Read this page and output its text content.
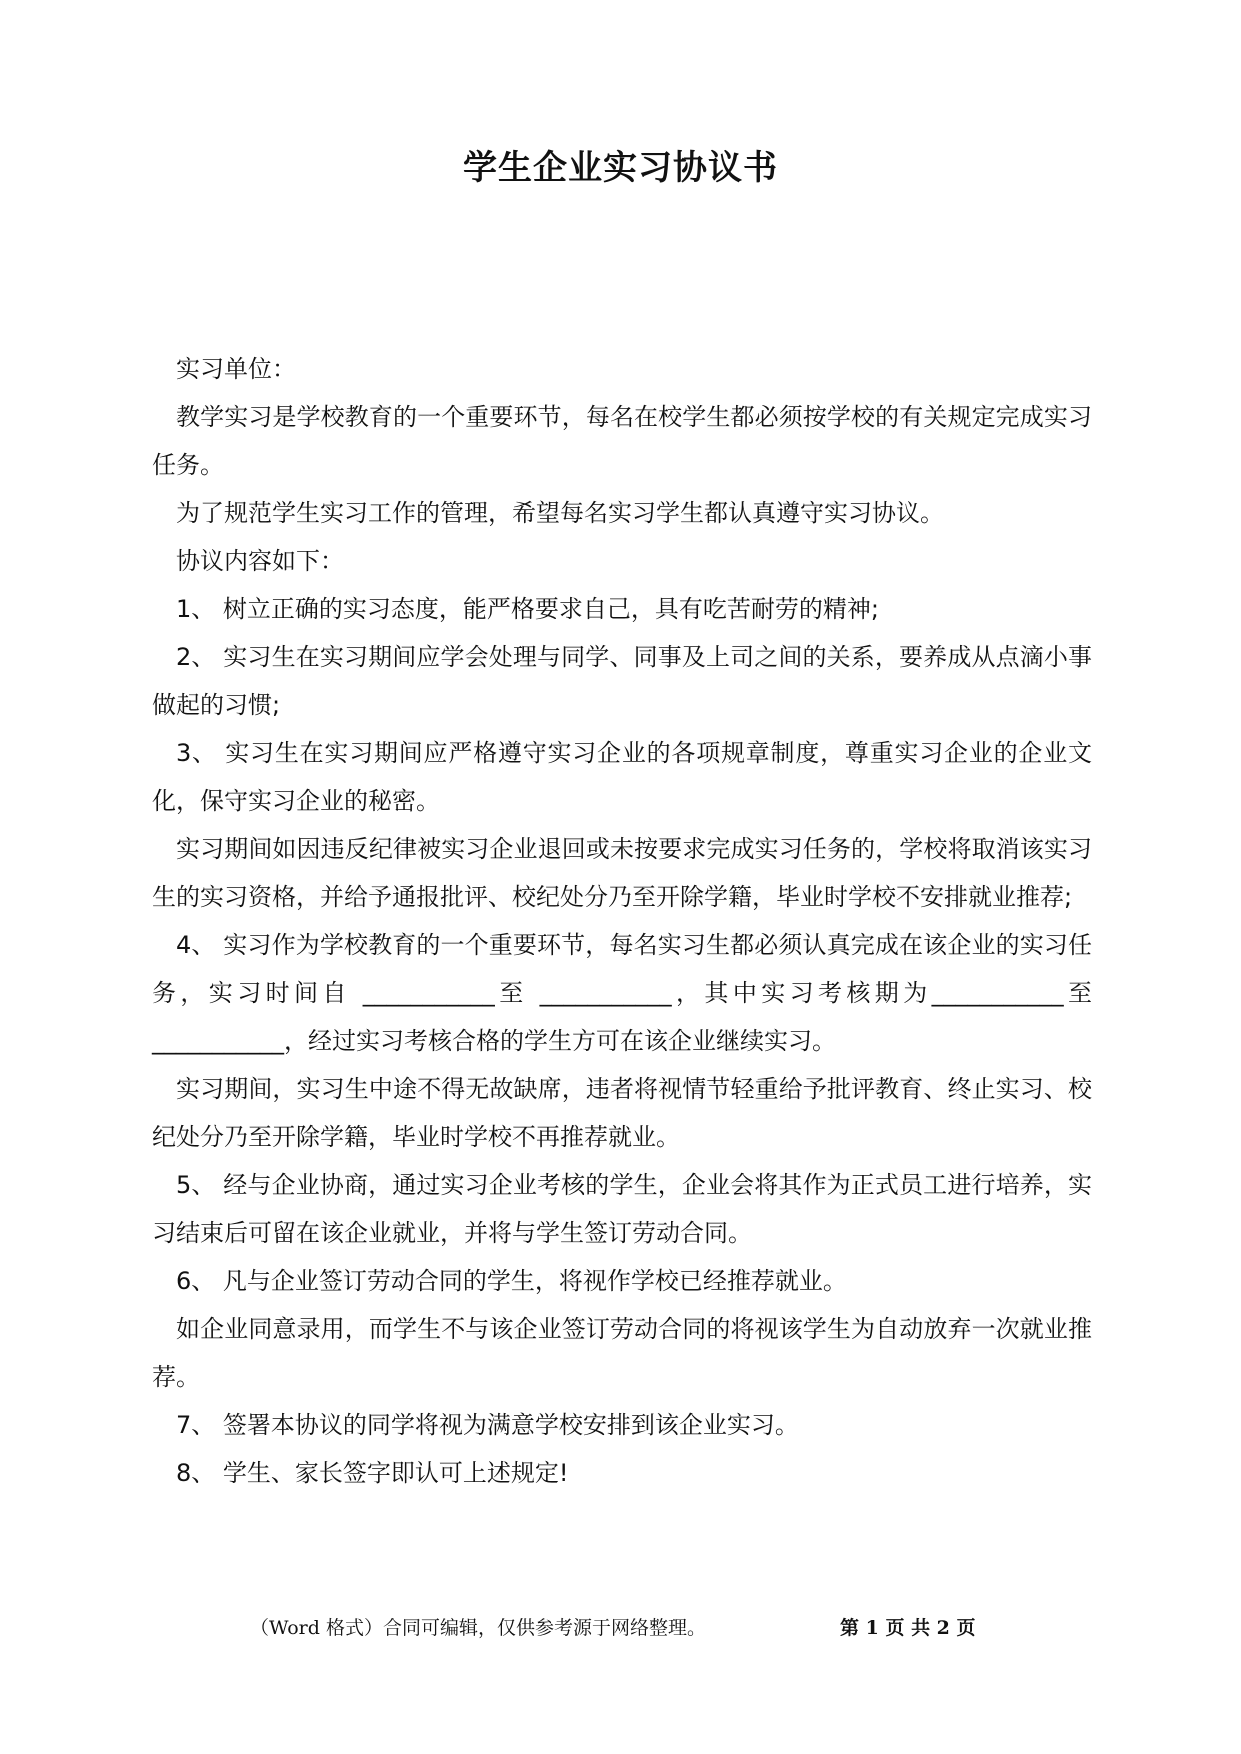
学生企业实习协议书

实习单位：

教学实习是学校教育的一个重要环节，每名在校学生都必须按学校的有关规定完成实习任务。

为了规范学生实习工作的管理，希望每名实习学生都认真遵守实习协议。

协议内容如下：

1、 树立正确的实习态度，能严格要求自己，具有吃苦耐劳的精神;

2、 实习生在实习期间应学会处理与同学、同事及上司之间的关系，要养成从点滴小事做起的习惯;

3、 实习生在实习期间应严格遵守实习企业的各项规章制度，尊重实习企业的企业文化，保守实习企业的秘密。

实习期间如因违反纪律被实习企业退回或未按要求完成实习任务的，学校将取消该实习生的实习资格，并给予通报批评、校纪处分乃至开除学籍，毕业时学校不安排就业推荐;

4、 实习作为学校教育的一个重要环节，每名实习生都必须认真完成在该企业的实习任务，实习时间自 ___________至 ___________，其中实习考核期为___________至___________，经过实习考核合格的学生方可在该企业继续实习。

实习期间，实习生中途不得无故缺席，违者将视情节轻重给予批评教育、终止实习、校纪处分乃至开除学籍，毕业时学校不再推荐就业。

5、 经与企业协商，通过实习企业考核的学生，企业会将其作为正式员工进行培养，实习结束后可留在该企业就业，并将与学生签订劳动合同。

6、 凡与企业签订劳动合同的学生，将视作学校已经推荐就业。

如企业同意录用，而学生不与该企业签订劳动合同的将视该学生为自动放弃一次就业推荐。

7、 签署本协议的同学将视为满意学校安排到该企业实习。

8、 学生、家长签字即认可上述规定!

（Word 格式）合同可编辑，仅供参考源于网络整理。	第 1 页 共 2 页
